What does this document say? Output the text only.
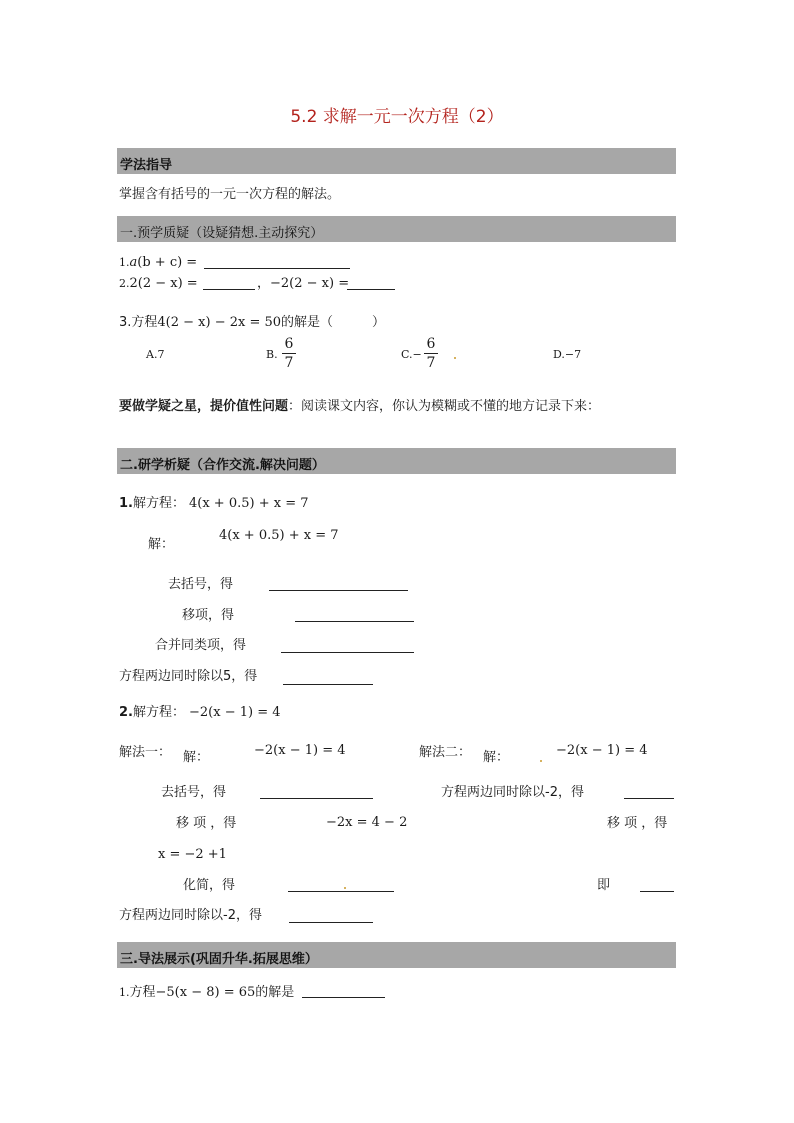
5.2 求解一元一次方程（2）
学法指导
掌握含有括号的一元一次方程的解法。
一.预学质疑（设疑猜想.主动探究）
1.a(b + c) =
2.2(2 − x) =	，−2(2 − x) =
3.方程4(2 − x) − 2x = 50的解是（	）
A.7	B.
6
7
C.−
6
7
D.−7
要做学疑之星，提价值性问题：阅读课文内容，你认为模糊或不懂的地方记录下来：
二.研学析疑（合作交流.解决问题）
1.解方程： 4(x + 0.5) + x = 7
解：
4(x + 0.5) + x = 7
去括号，得
移项，得
合并同类项，得
方程两边同时除以5，得
2.解方程： −2(x − 1) = 4
解法一： 解：	−2(x − 1) = 4	解法二： 解：	−2(x − 1) = 4
去括号，得	方程两边同时除以-2，得
移 项 ，得	−2x = 4 − 2	移 项 ，得
x = −2 +1
化简，得	即
方程两边同时除以-2，得
三.导法展示(巩固升华.拓展思维）
1.方程−5(x − 8) = 65的解是
